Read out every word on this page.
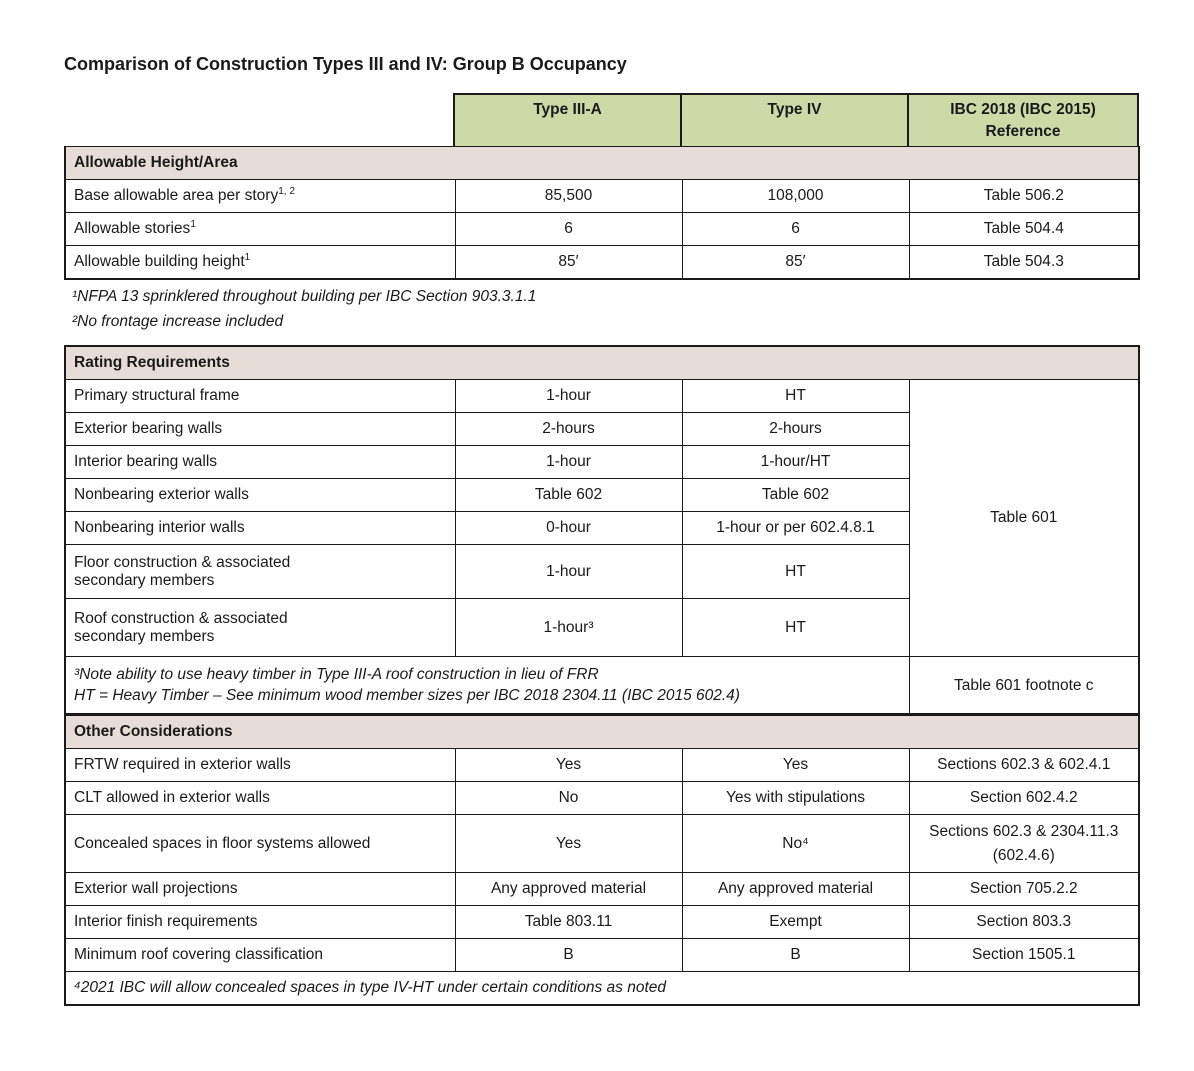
Comparison of Construction Types III and IV: Group B Occupancy
	Type III-A	Type IV	IBC 2018 (IBC 2015)
Reference
Allowable Height/Area			
Base allowable area per story$^{1, 2}$	85,500	108,000	Table 506.2
Allowable stories$^1$	6	6	Table 504.4
Allowable building height$^1$	85′	85′	Table 504.3
¹NFPA 13 sprinklered throughout building per IBC Section 903.3.1.1
²No frontage increase included
Rating Requirements			
Primary structural frame	1-hour	HT	Table 601
Exterior bearing walls	2-hours	2-hours	
Interior bearing walls	1-hour	1-hour/HT	
Nonbearing exterior walls	Table 602	Table 602	
Nonbearing interior walls	0-hour	1-hour or per 602.4.8.1	
Floor construction & associated
secondary members	1-hour	HT	
Roof construction & associated
secondary members	1-hour³	HT	
³Note ability to use heavy timber in Type III-A roof construction in lieu of FRR
HT = Heavy Timber – See minimum wood member sizes per IBC 2018 2304.11 (IBC 2015 602.4)			Table 601 footnote c
Other Considerations			
FRTW required in exterior walls	Yes	Yes	Sections 602.3 & 602.4.1
CLT allowed in exterior walls	No	Yes with stipulations	Section 602.4.2
Concealed spaces in floor systems allowed	Yes	No⁴	Sections 602.3 & 2304.11.3
(602.4.6)
Exterior wall projections	Any approved material	Any approved material	Section 705.2.2
Interior finish requirements	Table 803.11	Exempt	Section 803.3
Minimum roof covering classification	B	B	Section 1505.1
⁴2021 IBC will allow concealed spaces in type IV-HT under certain conditions as noted			
